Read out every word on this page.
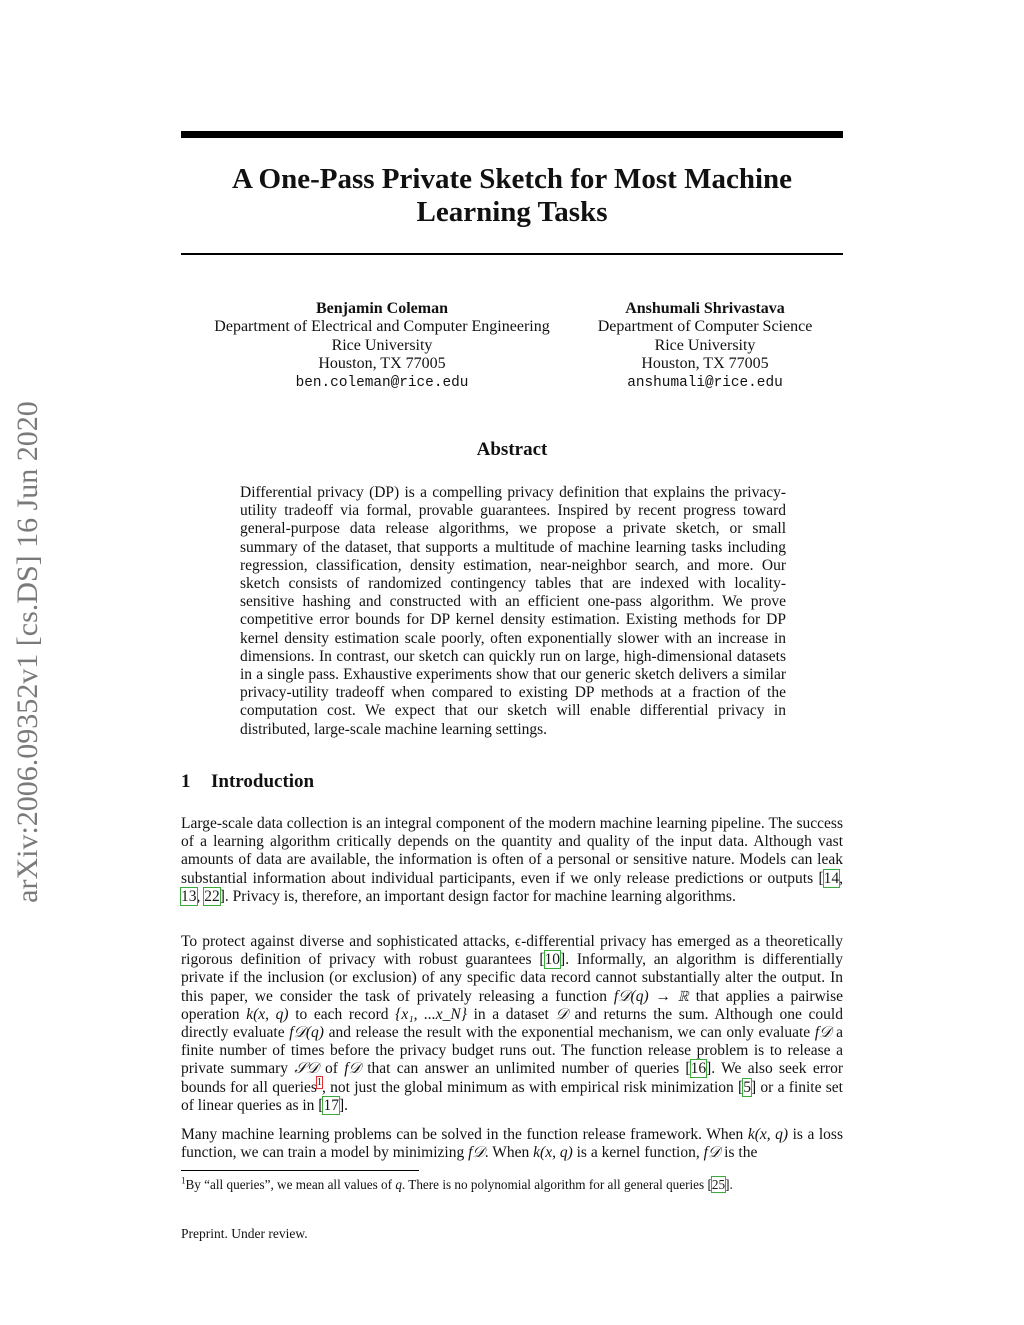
arXiv:2006.09352v1 [cs.DS] 16 Jun 2020
A One-Pass Private Sketch for Most Machine
Learning Tasks
Benjamin Coleman
Department of Electrical and Computer Engineering
Rice University
Houston, TX 77005
ben.coleman@rice.edu
Anshumali Shrivastava
Department of Computer Science
Rice University
Houston, TX 77005
anshumali@rice.edu
Abstract
Differential privacy (DP) is a compelling privacy definition that explains the privacy-utility tradeoff via formal, provable guarantees. Inspired by recent progress toward general-purpose data release algorithms, we propose a private sketch, or small summary of the dataset, that supports a multitude of machine learning tasks including regression, classification, density estimation, near-neighbor search, and more. Our sketch consists of randomized contingency tables that are indexed with locality-sensitive hashing and constructed with an efficient one-pass algorithm. We prove competitive error bounds for DP kernel density estimation. Existing methods for DP kernel density estimation scale poorly, often exponentially slower with an increase in dimensions. In contrast, our sketch can quickly run on large, high-dimensional datasets in a single pass. Exhaustive experiments show that our generic sketch delivers a similar privacy-utility tradeoff when compared to existing DP methods at a fraction of the computation cost. We expect that our sketch will enable differential privacy in distributed, large-scale machine learning settings.
1 Introduction

Large-scale data collection is an integral component of the modern machine learning pipeline. The success of a learning algorithm critically depends on the quantity and quality of the input data. Although vast amounts of data are available, the information is often of a personal or sensitive nature. Models can leak substantial information about individual participants, even if we only release predictions or outputs [14, 13, 22]. Privacy is, therefore, an important design factor for machine learning algorithms.

To protect against diverse and sophisticated attacks, ϵ-differential privacy has emerged as a theoretically rigorous definition of privacy with robust guarantees [10]. Informally, an algorithm is differentially private if the inclusion (or exclusion) of any specific data record cannot substantially alter the output. In this paper, we consider the task of privately releasing a function f𝒟(q) → ℝ that applies a pairwise operation k(x, q) to each record {x₁, ...x_N} in a dataset 𝒟 and returns the sum. Although one could directly evaluate f𝒟(q) and release the result with the exponential mechanism, we can only evaluate f𝒟 a finite number of times before the privacy budget runs out. The function release problem is to release a private summary 𝒮𝒟 of f𝒟 that can answer an unlimited number of queries [16]. We also seek error bounds for all queries$^1$, not just the global minimum as with empirical risk minimization [5] or a finite set of linear queries as in [17].

Many machine learning problems can be solved in the function release framework. When k(x, q) is a loss function, we can train a model by minimizing f𝒟. When k(x, q) is a kernel function, f𝒟 is the

$^1$By “all queries”, we mean all values of q. There is no polynomial algorithm for all general queries [25].
Preprint. Under review.
